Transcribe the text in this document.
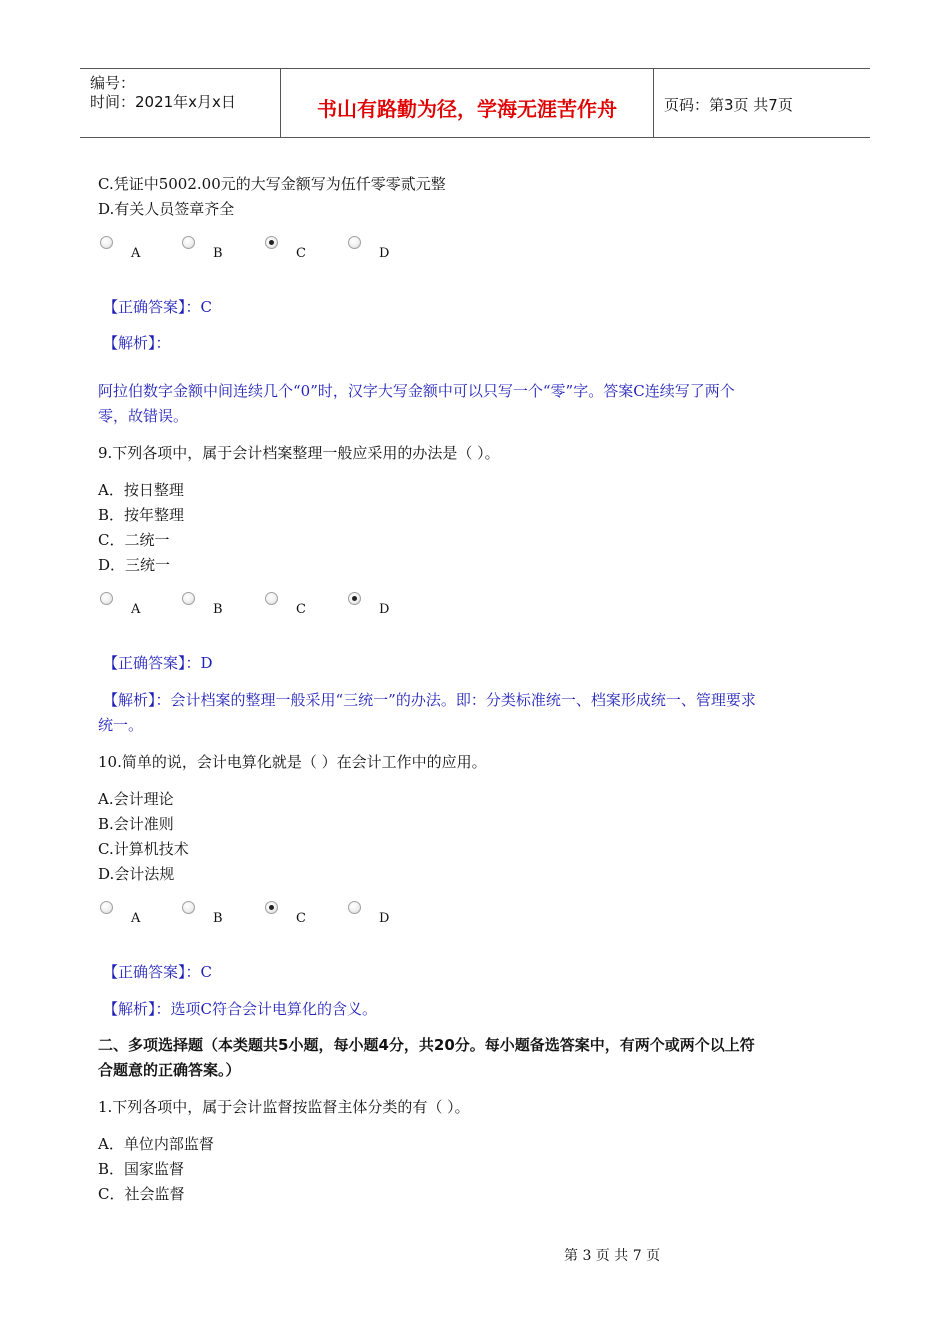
编号：
时间：2021年x月x日	书山有路勤为径，学海无涯苦作舟	页码：第3页 共7页
C.凭证中5002.00元的大写金额写为伍仟零零贰元整
D.有关人员签章齐全
A	B	C	D
【正确答案】：C
【解析】：
阿拉伯数字金额中间连续几个“0”时，汉字大写金额中可以只写一个“零”字。答案C连续写了两个
零，故错误。
9.下列各项中，属于会计档案整理一般应采用的办法是（ ）。
A．按日整理
B．按年整理
C．二统一
D．三统一
A	B	C	D
【正确答案】：D
【解析】：会计档案的整理一般采用“三统一”的办法。即：分类标准统一、档案形成统一、管理要求
统一。
10.简单的说，会计电算化就是（ ）在会计工作中的应用。
A.会计理论
B.会计准则
C.计算机技术
D.会计法规
A	B	C	D
【正确答案】：C
【解析】：选项C符合会计电算化的含义。
二、多项选择题（本类题共5小题，每小题4分，共20分。每小题备选答案中，有两个或两个以上符
合题意的正确答案。）
1.下列各项中，属于会计监督按监督主体分类的有（ ）。
A．单位内部监督
B．国家监督
C．社会监督
第 3 页 共 7 页
